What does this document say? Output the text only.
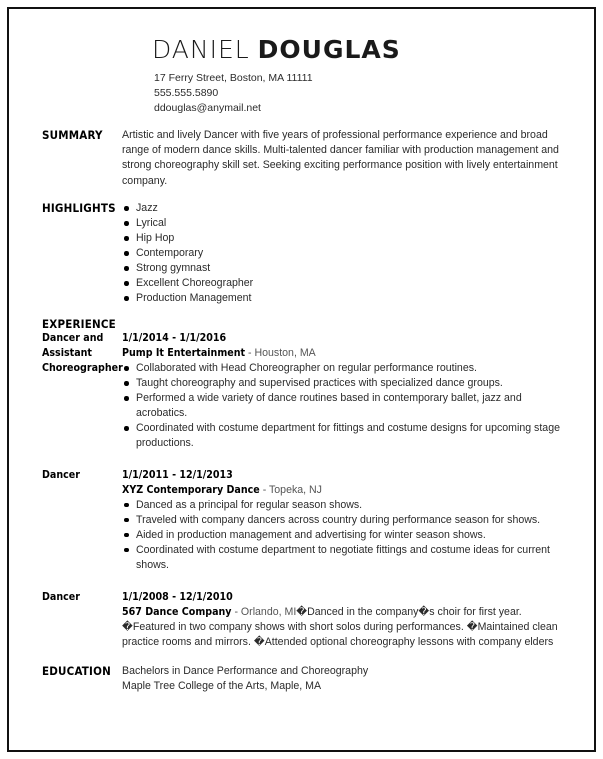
DANIEL DOUGLAS
17 Ferry Street, Boston, MA 11111
555.555.5890
ddouglas@anymail.net
SUMMARY	Artistic and lively Dancer with five years of professional performance experience and broad range of modern dance skills. Multi-talented dancer familiar with production management and strong choreography skill set. Seeking exciting performance position with lively entertainment company.

HIGHLIGHTS	Jazz
Lyrical
Hip Hop
Contemporary
Strong gymnast
Excellent Choreographer
Production Management
EXPERIENCE
Dancer and Assistant Choreographer
1/1/2014 - 1/1/2016
Pump It Entertainment - Houston, MA
Collaborated with Head Choreographer on regular performance routines.
Taught choreography and supervised practices with specialized dance groups.
Performed a wide variety of dance routines based in contemporary ballet, jazz and acrobatics.
Coordinated with costume department for fittings and costume designs for upcoming stage productions.
Dancer	1/1/2011 - 12/1/2013
XYZ Contemporary Dance - Topeka, NJ
Danced as a principal for regular season shows.
Traveled with company dancers across country during performance season for shows.
Aided in production management and advertising for winter season shows.
Coordinated with costume department to negotiate fittings and costume ideas for current shows.
Dancer	1/1/2008 - 12/1/2010
567 Dance Company - Orlando, MI�Danced in the company�s choir for first year. �Featured in two company shows with short solos during performances. �Maintained clean practice rooms and mirrors. �Attended optional choreography lessons with company elders
EDUCATION	Bachelors in Dance Performance and Choreography
Maple Tree College of the Arts, Maple, MA
